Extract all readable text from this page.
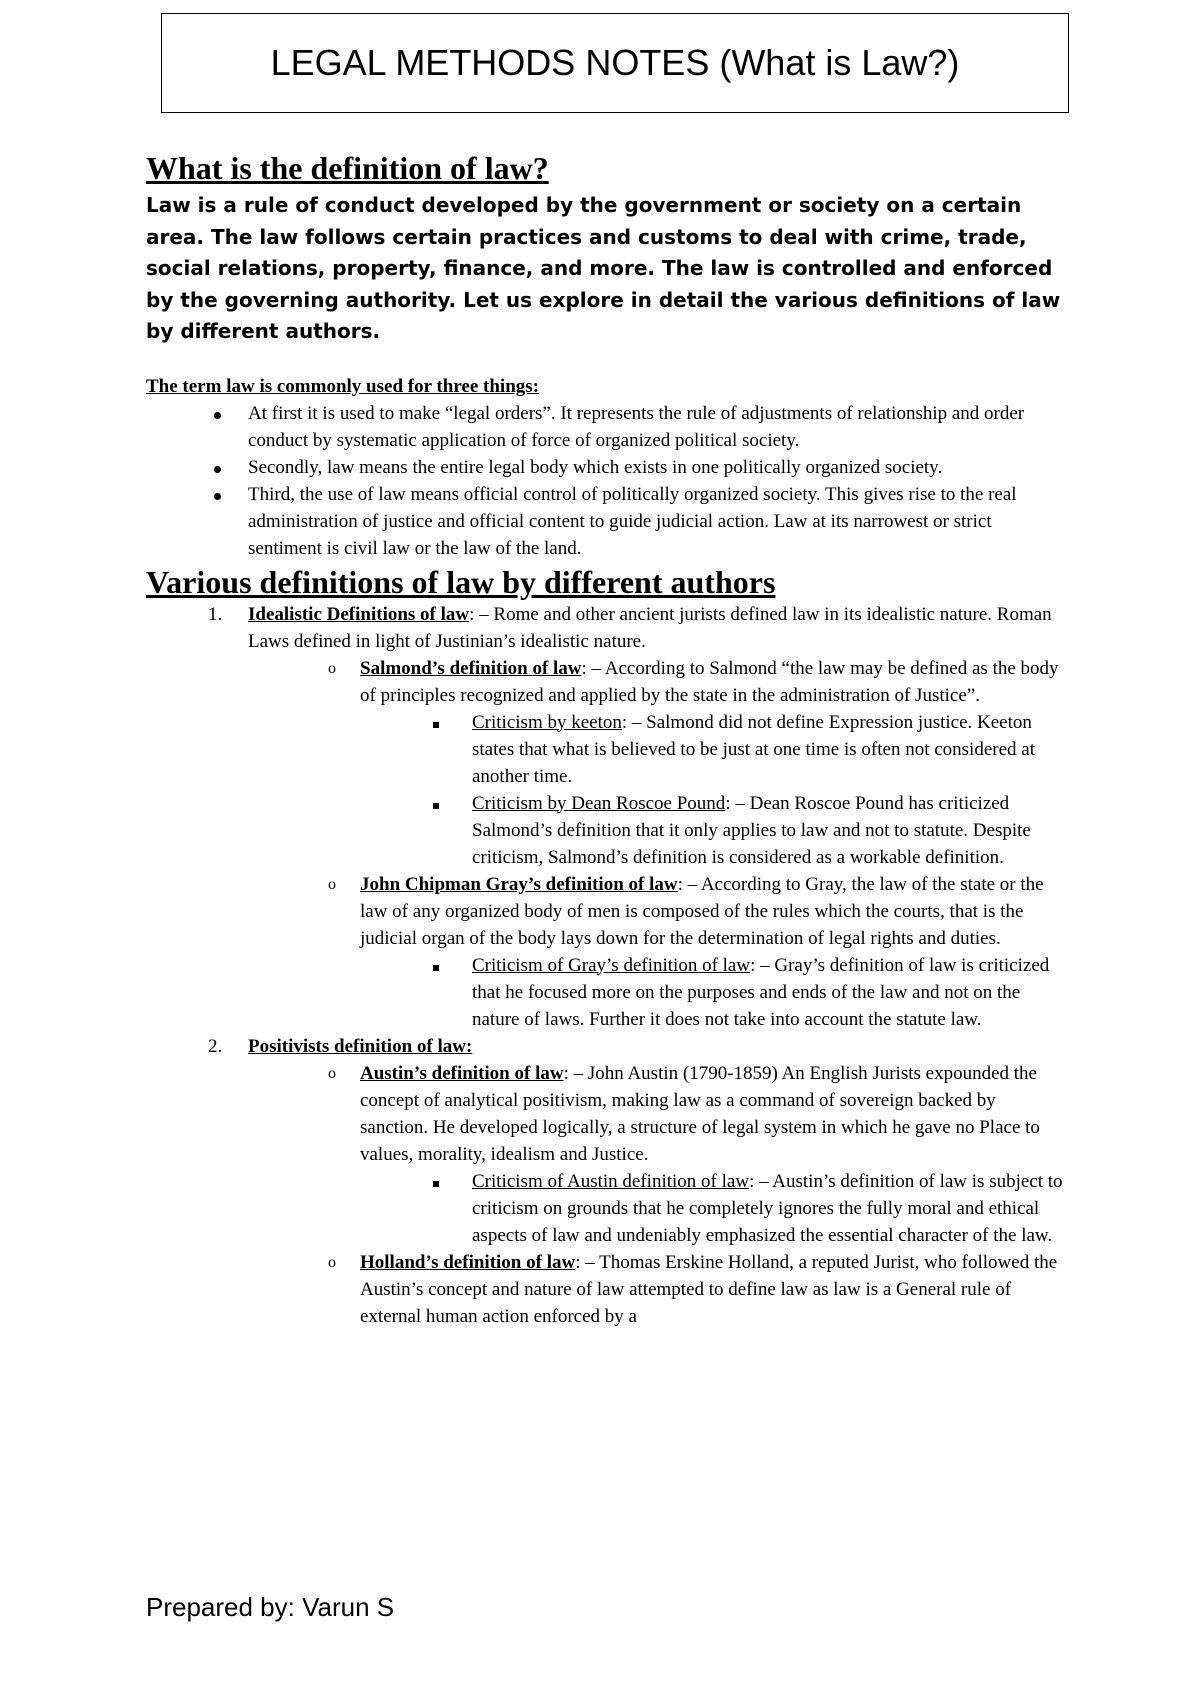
LEGAL METHODS NOTES (What is Law?)
What is the definition of law?
Law is a rule of conduct developed by the government or society on a certain area. The law follows certain practices and customs to deal with crime, trade, social relations, property, finance, and more. The law is controlled and enforced by the governing authority. Let us explore in detail the various definitions of law by different authors.
The term law is commonly used for three things:
At first it is used to make “legal orders”. It represents the rule of adjustments of relationship and order conduct by systematic application of force of organized political society.
Secondly, law means the entire legal body which exists in one politically organized society.
Third, the use of law means official control of politically organized society. This gives rise to the real administration of justice and official content to guide judicial action. Law at its narrowest or strict sentiment is civil law or the law of the land.
Various definitions of law by different authors
1. Idealistic Definitions of law: – Rome and other ancient jurists defined law in its idealistic nature. Roman Laws defined in light of Justinian’s idealistic nature.
o Salmond’s definition of law: – According to Salmond “the law may be defined as the body of principles recognized and applied by the state in the administration of Justice”.
Criticism by keeton: – Salmond did not define Expression justice. Keeton states that what is believed to be just at one time is often not considered at another time.
Criticism by Dean Roscoe Pound: – Dean Roscoe Pound has criticized Salmond’s definition that it only applies to law and not to statute. Despite criticism, Salmond’s definition is considered as a workable definition.
o John Chipman Gray’s definition of law: – According to Gray, the law of the state or the law of any organized body of men is composed of the rules which the courts, that is the judicial organ of the body lays down for the determination of legal rights and duties.
Criticism of Gray’s definition of law: – Gray’s definition of law is criticized that he focused more on the purposes and ends of the law and not on the nature of laws. Further it does not take into account the statute law.
2. Positivists definition of law:
o Austin’s definition of law: – John Austin (1790-1859) An English Jurists expounded the concept of analytical positivism, making law as a command of sovereign backed by sanction. He developed logically, a structure of legal system in which he gave no Place to values, morality, idealism and Justice.
Criticism of Austin definition of law: – Austin’s definition of law is subject to criticism on grounds that he completely ignores the fully moral and ethical aspects of law and undeniably emphasized the essential character of the law.
o Holland’s definition of law: – Thomas Erskine Holland, a reputed Jurist, who followed the Austin’s concept and nature of law attempted to define law as law is a General rule of external human action enforced by a
Prepared by: Varun S
